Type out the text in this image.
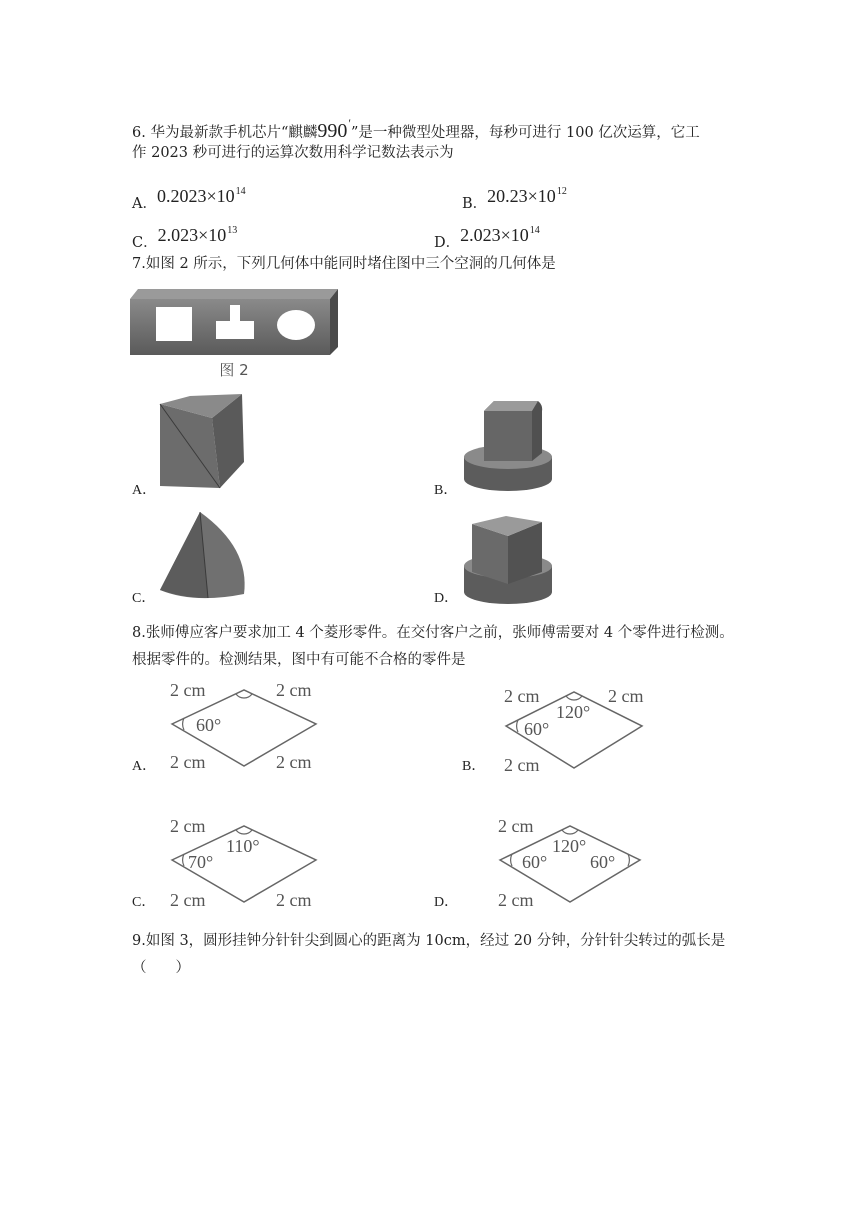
6. 华为最新款手机芯片“麒麟990′”是一种微型处理器，每秒可进行 100 亿次运算，它工
作 2023 秒可进行的运算次数用科学记数法表示为
A．$0.2023\times 10^{14}$
B．$20.23\times 10^{12}$
C．$2.023\times 10^{13}$
D．$2.023\times 10^{14}$
7.如图 2 所示，下列几何体中能同时堵住图中三个空洞的几何体是
图 2
A．	B．
C．	D．
8.张师傅应客户要求加工 4 个菱形零件。在交付客户之前，张师傅需要对 4 个零件进行检测。
根据零件的。检测结果，图中有可能不合格的零件是
2 cm	2 cm
60°
2 cm	2 cm
A．
2 cm	2 cm
120°
60°
2 cm
B．
2 cm
110°
70°
2 cm	2 cm
C．
2 cm
120°
60° 60°
2 cm
D．
9.如图 3，圆形挂钟分针针尖到圆心的距离为 10cm，经过 20 分钟，分针针尖转过的弧长是
（　　）
